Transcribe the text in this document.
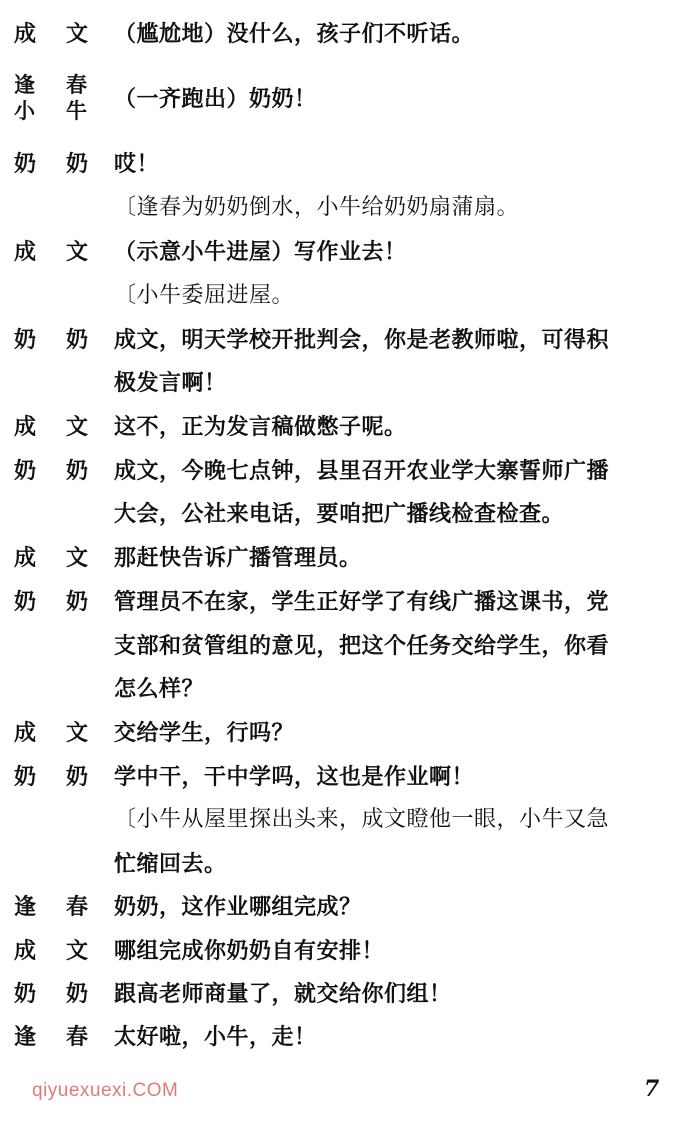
成 文 （尴尬地）没什么，孩子们不听话。
逢 春
小 牛 （一齐跑出）奶奶！
奶 奶 哎！
〔逢春为奶奶倒水，小牛给奶奶扇蒲扇。
成 文 （示意小牛进屋）写作业去！
〔小牛委屈进屋。
奶 奶 成文，明天学校开批判会，你是老教师啦，可得积
极发言啊！
成 文 这不，正为发言稿做憋子呢。
奶 奶 成文，今晚七点钟，县里召开农业学大寨誓师广播
大会，公社来电话，要咱把广播线检查检查。
成 文 那赶快告诉广播管理员。
奶 奶 管理员不在家，学生正好学了有线广播这课书，党
支部和贫管组的意见，把这个任务交给学生，你看
怎么样？
成 文 交给学生，行吗？
奶 奶 学中干，干中学吗，这也是作业啊！
〔小牛从屋里探出头来，成文瞪他一眼，小牛又急
忙缩回去。
逢 春 奶奶，这作业哪组完成？
成 文 哪组完成你奶奶自有安排！
奶 奶 跟高老师商量了，就交给你们组！
逢 春 太好啦，小牛，走！
qiyuexuexi.COM	7
